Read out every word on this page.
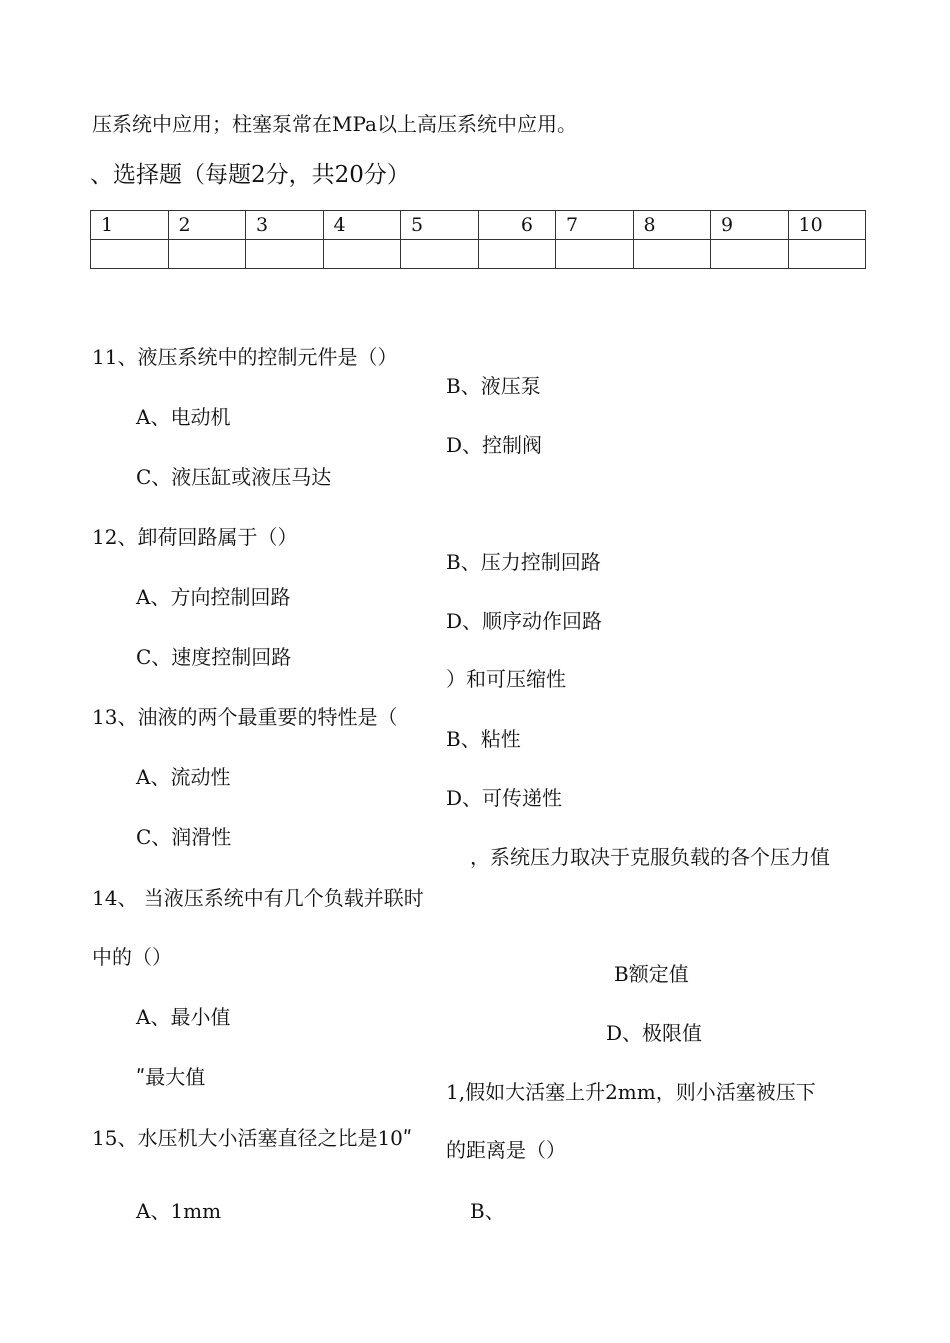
压系统中应用；柱塞泵常在MPa以上高压系统中应用。
、选择题（每题2分，共20分）
1	2	3	4	5	6	7	8	9	10

11、液压系统中的控制元件是（）
B、液压泵
A、电动机
D、控制阀
C、液压缸或液压马达
12、卸荷回路属于（）
B、压力控制回路
A、方向控制回路
D、顺序动作回路
C、速度控制回路
）和可压缩性
13、油液的两个最重要的特性是（
B、粘性
A、流动性
D、可传递性
C、润滑性
，系统压力取决于克服负载的各个压力值
14、 当液压系统中有几个负载并联时
中的（）
B额定值
A、最小值
D、极限值
ʺ最大值
1,假如大活塞上升2mm，则小活塞被压下
15、水压机大小活塞直径之比是10ʺ 的距离是（）
A、1mm	B、
